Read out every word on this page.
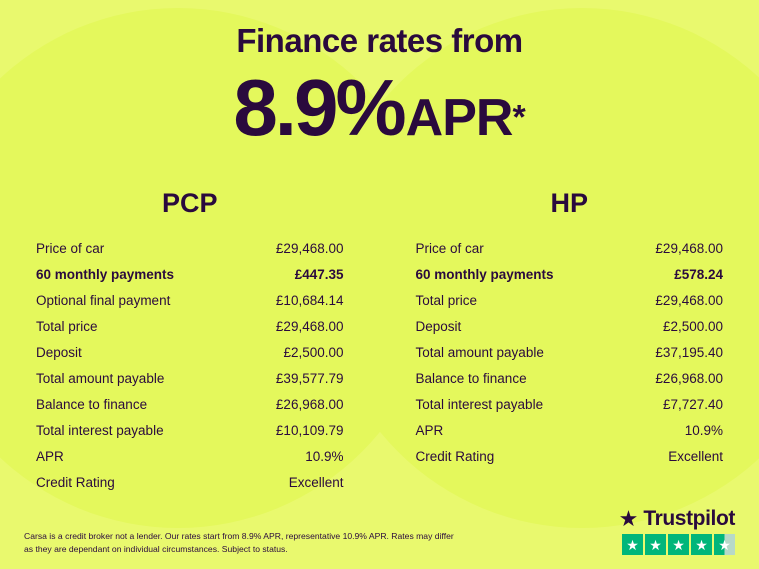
Finance rates from
8.9%APR*
PCP
Price of car	£29,468.00
60 monthly payments	£447.35
Optional final payment	£10,684.14
Total price	£29,468.00
Deposit	£2,500.00
Total amount payable	£39,577.79
Balance to finance	£26,968.00
Total interest payable	£10,109.79
APR	10.9%
Credit Rating	Excellent
HP
Price of car	£29,468.00
60 monthly payments	£578.24
Total price	£29,468.00
Deposit	£2,500.00
Total amount payable	£37,195.40
Balance to finance	£26,968.00
Total interest payable	£7,727.40
APR	10.9%
Credit Rating	Excellent
Carsa is a credit broker not a lender. Our rates start from 8.9% APR, representative 10.9% APR. Rates may differ as they are dependant on individual circumstances. Subject to status.
★ Trustpilot
★ ★ ★ ★ ★
